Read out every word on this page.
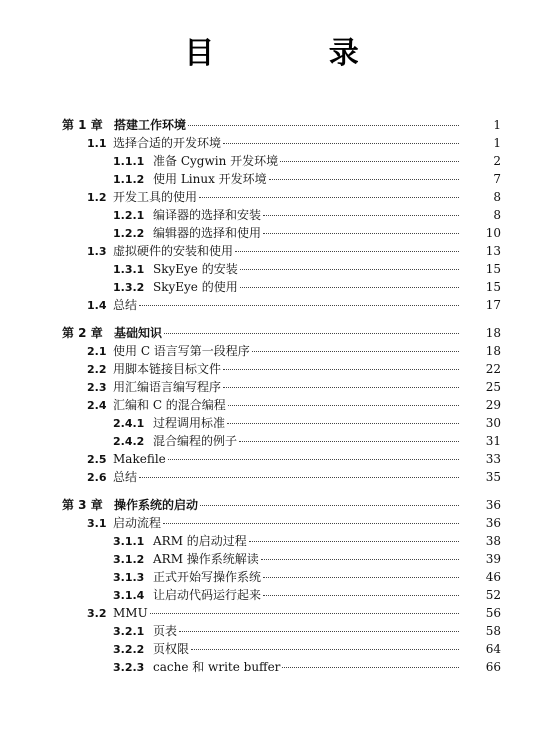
目 录
第 1 章 搭建工作环境	1
1.1 选择合适的开发环境	1
1.1.1 准备 Cygwin 开发环境	2
1.1.2 使用 Linux 开发环境	7
1.2 开发工具的使用	8
1.2.1 编译器的选择和安装	8
1.2.2 编辑器的选择和使用	10
1.3 虚拟硬件的安装和使用	13
1.3.1 SkyEye 的安装	15
1.3.2 SkyEye 的使用	15
1.4 总结	17
第 2 章 基础知识	18
2.1 使用 C 语言写第一段程序	18
2.2 用脚本链接目标文件	22
2.3 用汇编语言编写程序	25
2.4 汇编和 C 的混合编程	29
2.4.1 过程调用标准	30
2.4.2 混合编程的例子	31
2.5 Makefile	33
2.6 总结	35
第 3 章 操作系统的启动	36
3.1 启动流程	36
3.1.1 ARM 的启动过程	38
3.1.2 ARM 操作系统解读	39
3.1.3 正式开始写操作系统	46
3.1.4 让启动代码运行起来	52
3.2 MMU	56
3.2.1 页表	58
3.2.2 页权限	64
3.2.3 cache 和 write buffer	66
